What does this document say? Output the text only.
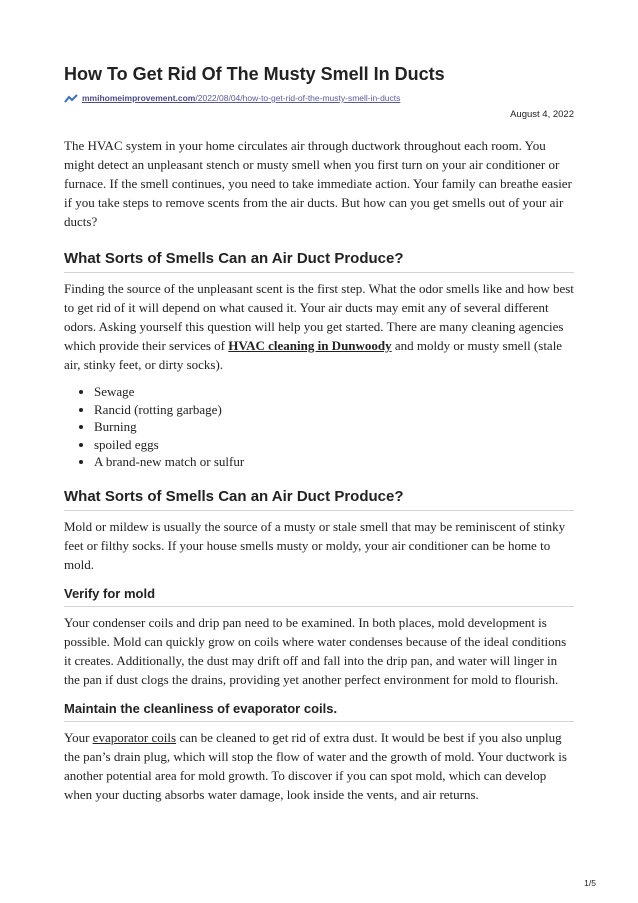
How To Get Rid Of The Musty Smell In Ducts
mmihomeimprovement.com /2022/08/04/how-to-get-rid-of-the-musty-smell-in-ducts
August 4, 2022

The HVAC system in your home circulates air through ductwork throughout each room. You might detect an unpleasant stench or musty smell when you first turn on your air conditioner or furnace. If the smell continues, you need to take immediate action. Your family can breathe easier if you take steps to remove scents from the air ducts. But how can you get smells out of your air ducts?

What Sorts of Smells Can an Air Duct Produce?

Finding the source of the unpleasant scent is the first step. What the odor smells like and how best to get rid of it will depend on what caused it. Your air ducts may emit any of several different odors. Asking yourself this question will help you get started. There are many cleaning agencies which provide their services of HVAC cleaning in Dunwoody and moldy or musty smell (stale air, stinky feet, or dirty socks).

• Sewage
• Rancid (rotting garbage)
• Burning
• spoiled eggs
• A brand-new match or sulfur
What Sorts of Smells Can an Air Duct Produce?

Mold or mildew is usually the source of a musty or stale smell that may be reminiscent of stinky feet or filthy socks. If your house smells musty or moldy, your air conditioner can be home to mold.

Verify for mold

Your condenser coils and drip pan need to be examined. In both places, mold development is possible. Mold can quickly grow on coils where water condenses because of the ideal conditions it creates. Additionally, the dust may drift off and fall into the drip pan, and water will linger in the pan if dust clogs the drains, providing yet another perfect environment for mold to flourish.

Maintain the cleanliness of evaporator coils.

Your evaporator coils can be cleaned to get rid of extra dust. It would be best if you also unplug the pan’s drain plug, which will stop the flow of water and the growth of mold. Your ductwork is another potential area for mold growth. To discover if you can spot mold, which can develop when your ducting absorbs water damage, look inside the vents, and air returns.

1/5
